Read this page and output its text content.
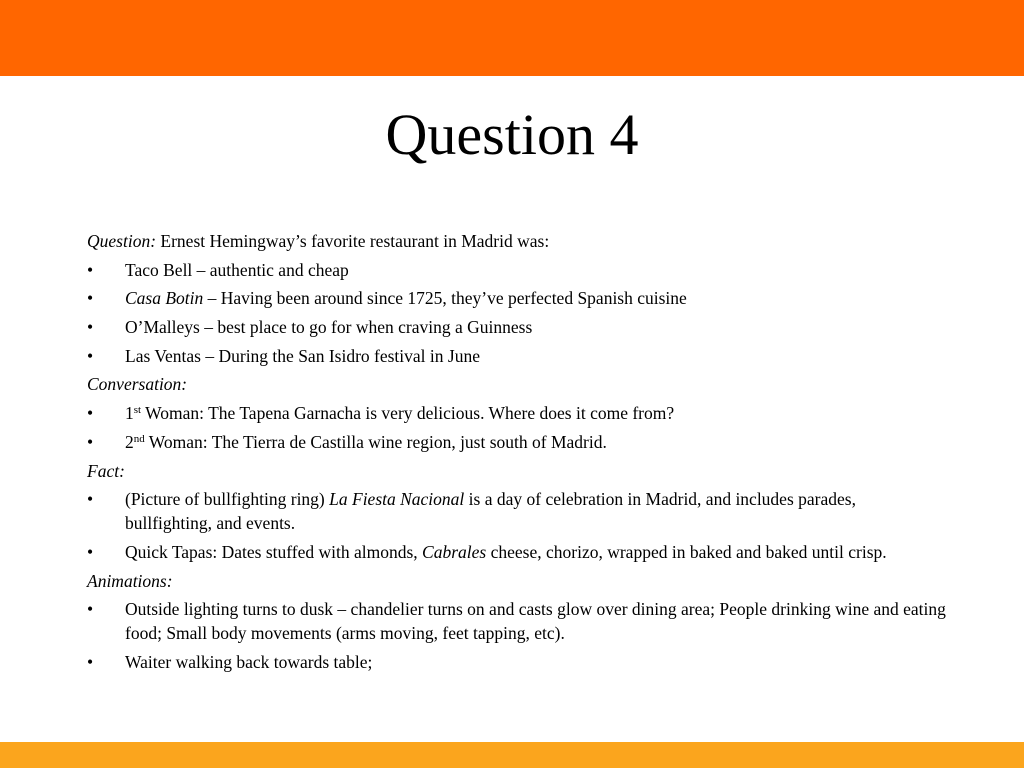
Question 4
Question: Ernest Hemingway’s favorite restaurant in Madrid was:
• Taco Bell – authentic and cheap
• Casa Botin – Having been around since 1725, they’ve perfected Spanish cuisine
• O’Malleys – best place to go for when craving a Guinness
• Las Ventas – During the San Isidro festival in June
Conversation:
• 1st Woman: The Tapena Garnacha is very delicious. Where does it come from?
• 2nd Woman: The Tierra de Castilla wine region, just south of Madrid.
Fact:
• (Picture of bullfighting ring) La Fiesta Nacional is a day of celebration in Madrid, and includes parades, bullfighting, and events.
• Quick Tapas: Dates stuffed with almonds, Cabrales cheese, chorizo, wrapped in baked and baked until crisp.
Animations:
• Outside lighting turns to dusk – chandelier turns on and casts glow over dining area; People drinking wine and eating food; Small body movements (arms moving, feet tapping, etc).
• Waiter walking back towards table;
